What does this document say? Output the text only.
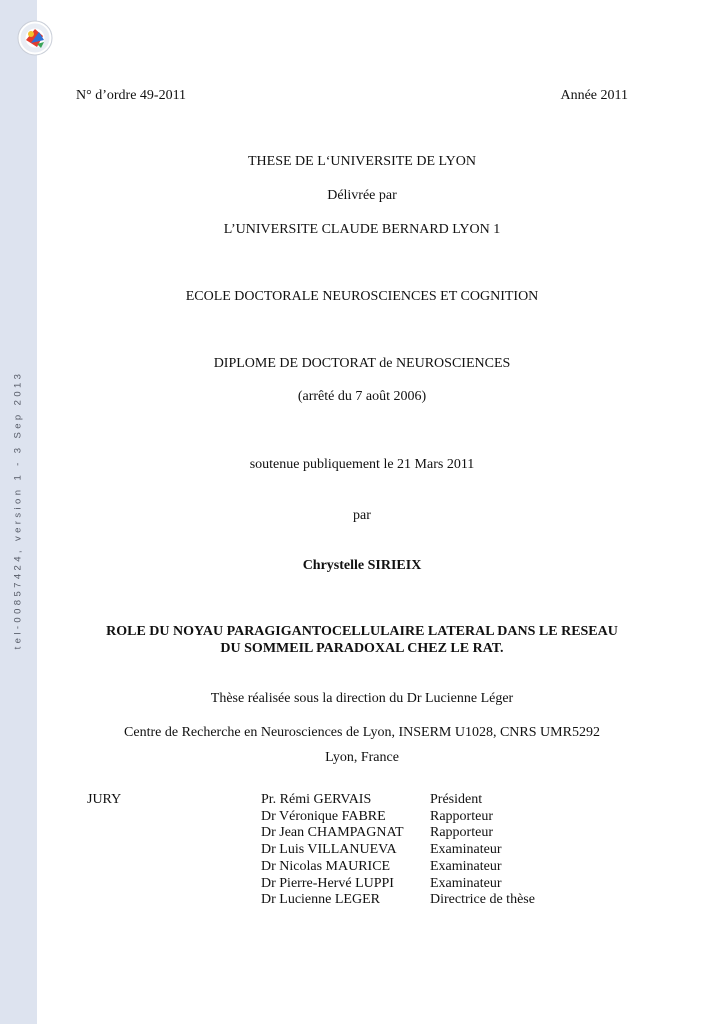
tel-00857424, version 1 - 3 Sep 2013
N° d’ordre 49-2011	Année 2011
THESE DE L‘UNIVERSITE DE LYON
Délivrée par
L’UNIVERSITE CLAUDE BERNARD LYON 1
ECOLE DOCTORALE NEUROSCIENCES ET COGNITION
DIPLOME DE DOCTORAT de NEUROSCIENCES
(arrêté du 7 août 2006)
soutenue publiquement le 21 Mars 2011
par
Chrystelle SIRIEIX
ROLE DU NOYAU PARAGIGANTOCELLULAIRE LATERAL DANS LE RESEAU
DU SOMMEIL PARADOXAL CHEZ LE RAT.
Thèse réalisée sous la direction du Dr Lucienne Léger
Centre de Recherche en Neurosciences de Lyon, INSERM U1028, CNRS UMR5292
Lyon, France
JURY	Pr. Rémi GERVAIS
Dr Véronique FABRE
Dr Jean CHAMPAGNAT
Dr Luis VILLANUEVA
Dr Nicolas MAURICE
Dr Pierre-Hervé LUPPI
Dr Lucienne LEGER
Président
Rapporteur
Rapporteur
Examinateur
Examinateur
Examinateur
Directrice de thèse
